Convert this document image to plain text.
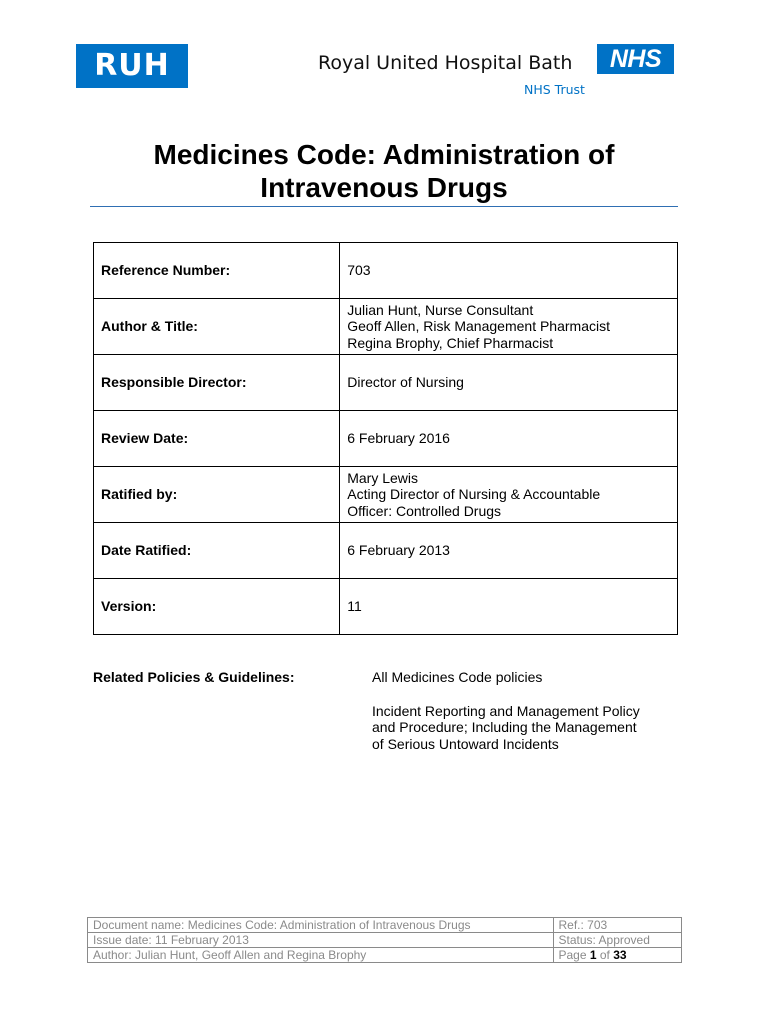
RUH	Royal United Hospital Bath	NHS
NHS Trust
Medicines Code: Administration of
Intravenous Drugs
Reference Number:	703
Author & Title:	Julian Hunt, Nurse Consultant
Geoff Allen, Risk Management Pharmacist
Regina Brophy, Chief Pharmacist

Responsible Director:	Director of Nursing
Review Date:	6 February 2016
Ratified by:	Mary Lewis
Acting Director of Nursing & Accountable
Officer: Controlled Drugs

Date Ratified:	6 February 2013
Version:	11
Related Policies & Guidelines:	All Medicines Code policies

Incident Reporting and Management Policy
and Procedure; Including the Management
of Serious Untoward Incidents

Document name: Medicines Code: Administration of Intravenous Drugs	Ref.: 703
Issue date: 11 February 2013	Status: Approved
Author: Julian Hunt, Geoff Allen and Regina Brophy	Page 1 of 33
